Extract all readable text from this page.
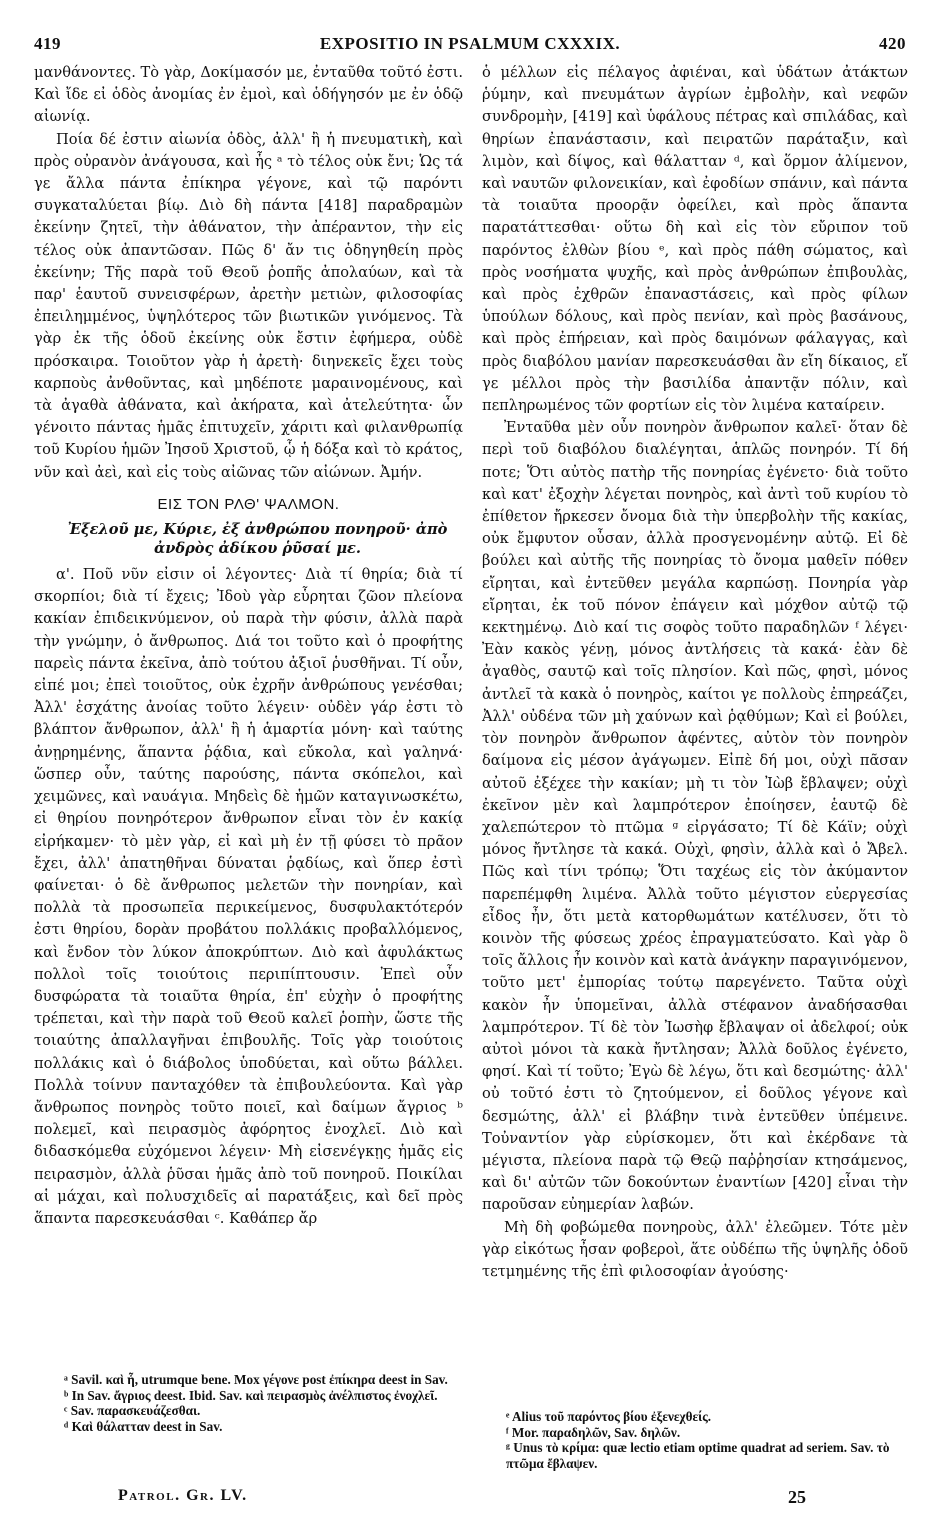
419	EXPOSITIO IN PSALMUM CXXXIX.	420

μανθάνοντες. Τὸ γὰρ, Δοκίμασόν με, ἐνταῦθα τοῦτό ἐστι. Καὶ ἴδε εἰ ὁδὸς ἀνομίας ἐν ἐμοὶ, καὶ ὁδήγησόν με ἐν ὁδῷ αἰωνίᾳ.

Ποία δέ ἐστιν αἰωνία ὁδὸς, ἀλλ' ἢ ἡ πνευματικὴ, καὶ πρὸς οὐρανὸν ἀνάγουσα, καὶ ἧς ᵃ τὸ τέλος οὐκ ἔνι; Ὡς τά γε ἄλλα πάντα ἐπίκηρα γέγονε, καὶ τῷ παρόντι συγκαταλύεται βίῳ. Διὸ δὴ πάντα [418] παραδραμὼν ἐκείνην ζητεῖ, τὴν ἀθάνατον, τὴν ἀπέραντον, τὴν εἰς τέλος οὐκ ἀπαντῶσαν. Πῶς δ' ἄν τις ὁδηγηθείη πρὸς ἐκείνην; Τῆς παρὰ τοῦ Θεοῦ ῥοπῆς ἀπολαύων, καὶ τὰ παρ' ἑαυτοῦ συνεισφέρων, ἀρετὴν μετιὼν, φιλοσοφίας ἐπειλημμένος, ὑψηλότερος τῶν βιωτικῶν γινόμενος. Τὰ γὰρ ἐκ τῆς ὁδοῦ ἐκείνης οὐκ ἔστιν ἐφήμερα, οὐδὲ πρόσκαιρα. Τοιοῦτον γὰρ ἡ ἀρετὴ· διηνεκεῖς ἔχει τοὺς καρποὺς ἀνθοῦντας, καὶ μηδέποτε μαραινομένους, καὶ τὰ ἀγαθὰ ἀθάνατα, καὶ ἀκήρατα, καὶ ἀτελεύτητα· ὧν γένοιτο πάντας ἡμᾶς ἐπιτυχεῖν, χάριτι καὶ φιλανθρωπίᾳ τοῦ Κυρίου ἡμῶν Ἰησοῦ Χριστοῦ, ᾧ ἡ δόξα καὶ τὸ κράτος, νῦν καὶ ἀεὶ, καὶ εἰς τοὺς αἰῶνας τῶν αἰώνων. Ἀμήν.

ΕΙΣ ΤΟΝ ΡΛΘ' ΨΑΛΜΟΝ.
Ἐξελοῦ με, Κύριε, ἐξ ἀνθρώπου πονηροῦ· ἀπὸ ἀνδρὸς ἀδίκου ῥῦσαί με.

α'. Ποῦ νῦν εἰσιν οἱ λέγοντες· Διὰ τί θηρία; διὰ τί σκορπίοι; διὰ τί ἔχεις; Ἰδοὺ γὰρ εὗρηται ζῶον πλείονα κακίαν ἐπιδεικνύμενον, οὐ παρὰ τὴν φύσιν, ἀλλὰ παρὰ τὴν γνώμην, ὁ ἄνθρωπος. Διά τοι τοῦτο καὶ ὁ προφήτης παρεὶς πάντα ἐκεῖνα, ἀπὸ τούτου ἀξιοῖ ῥυσθῆναι. Τί οὖν, εἰπέ μοι; ἐπεὶ τοιοῦτος, οὐκ ἐχρῆν ἀνθρώπους γενέσθαι; Ἀλλ' ἐσχάτης ἀνοίας τοῦτο λέγειν· οὐδὲν γάρ ἐστι τὸ βλάπτον ἄνθρωπον, ἀλλ' ἢ ἡ ἁμαρτία μόνη· καὶ ταύτης ἀνῃρημένης, ἅπαντα ῥᾴδια, καὶ εὔκολα, καὶ γαληνά· ὥσπερ οὖν, ταύτης παρούσης, πάντα σκόπελοι, καὶ χειμῶνες, καὶ ναυάγια. Μηδεὶς δὲ ἡμῶν καταγινωσκέτω, εἰ θηρίου πονηρότερον ἄνθρωπον εἶναι τὸν ἐν κακίᾳ εἰρήκαμεν· τὸ μὲν γὰρ, εἰ καὶ μὴ ἐν τῇ φύσει τὸ πρᾶον ἔχει, ἀλλ' ἀπατηθῆναι δύναται ῥᾳδίως, καὶ ὅπερ ἐστὶ φαίνεται· ὁ δὲ ἄνθρωπος μελετῶν τὴν πονηρίαν, καὶ πολλὰ τὰ προσωπεῖα περικείμενος, δυσφυλακτότερόν ἐστι θηρίου, δορὰν προβάτου πολλάκις προβαλλόμενος, καὶ ἔνδον τὸν λύκον ἀποκρύπτων. Διὸ καὶ ἀφυλάκτως πολλοὶ τοῖς τοιούτοις περιπίπτουσιν. Ἐπεὶ οὖν δυσφώρατα τὰ τοιαῦτα θηρία, ἐπ' εὐχὴν ὁ προφήτης τρέπεται, καὶ τὴν παρὰ τοῦ Θεοῦ καλεῖ ῥοπὴν, ὥστε τῆς τοιαύτης ἀπαλλαγῆναι ἐπιβουλῆς. Τοῖς γὰρ τοιούτοις πολλάκις καὶ ὁ διάβολος ὑποδύεται, καὶ οὕτω βάλλει. Πολλὰ τοίνυν πανταχόθεν τὰ ἐπιβουλεύοντα. Καὶ γὰρ ἄνθρωπος πονηρὸς τοῦτο ποιεῖ, καὶ δαίμων ἄγριος ᵇ πολεμεῖ, καὶ πειρασμὸς ἀφόρητος ἐνοχλεῖ. Διὸ καὶ διδασκόμεθα εὐχόμενοι λέγειν· Μὴ εἰσενέγκῃς ἡμᾶς εἰς πειρασμὸν, ἀλλὰ ῥῦσαι ἡμᾶς ἀπὸ τοῦ πονηροῦ. Ποικίλαι αἱ μάχαι, καὶ πολυσχιδεῖς αἱ παρατάξεις, καὶ δεῖ πρὸς ἅπαντα παρεσκευάσθαι ᶜ. Καθάπερ ἄρ

ὁ μέλλων εἰς πέλαγος ἀφιέναι, καὶ ὑδάτων ἀτάκτων ῥύμην, καὶ πνευμάτων ἀγρίων ἐμβολὴν, καὶ νεφῶν συνδρομὴν, [419] καὶ ὑφάλους πέτρας καὶ σπιλάδας, καὶ θηρίων ἐπανάστασιν, καὶ πειρατῶν παράταξιν, καὶ λιμὸν, καὶ δίψος, καὶ θάλατταν ᵈ, καὶ ὅρμον ἀλίμενον, καὶ ναυτῶν φιλονεικίαν, καὶ ἐφοδίων σπάνιν, καὶ πάντα τὰ τοιαῦτα προορᾷν ὀφείλει, καὶ πρὸς ἅπαντα παρατάττεσθαι· οὕτω δὴ καὶ εἰς τὸν εὔριπον τοῦ παρόντος ἐλθὼν βίου ᵉ, καὶ πρὸς πάθη σώματος, καὶ πρὸς νοσήματα ψυχῆς, καὶ πρὸς ἀνθρώπων ἐπιβουλὰς, καὶ πρὸς ἐχθρῶν ἐπαναστάσεις, καὶ πρὸς φίλων ὑπούλων δόλους, καὶ πρὸς πενίαν, καὶ πρὸς βασάνους, καὶ πρὸς ἐπήρειαν, καὶ πρὸς δαιμόνων φάλαγγας, καὶ πρὸς διαβόλου μανίαν παρεσκευάσθαι ἂν εἴη δίκαιος, εἴ γε μέλλοι πρὸς τὴν βασιλίδα ἀπαντᾷν πόλιν, καὶ πεπληρωμένος τῶν φορτίων εἰς τὸν λιμένα καταίρειν.

Ἐνταῦθα μὲν οὖν πονηρὸν ἄνθρωπον καλεῖ· ὅταν δὲ περὶ τοῦ διαβόλου διαλέγηται, ἁπλῶς πονηρόν. Τί δή ποτε; Ὅτι αὐτὸς πατὴρ τῆς πονηρίας ἐγένετο· διὰ τοῦτο καὶ κατ' ἐξοχὴν λέγεται πονηρὸς, καὶ ἀντὶ τοῦ κυρίου τὸ ἐπίθετον ἤρκεσεν ὄνομα διὰ τὴν ὑπερβολὴν τῆς κακίας, οὐκ ἔμφυτον οὖσαν, ἀλλὰ προσγενομένην αὐτῷ. Εἰ δὲ βούλει καὶ αὐτῆς τῆς πονηρίας τὸ ὄνομα μαθεῖν πόθεν εἴρηται, καὶ ἐντεῦθεν μεγάλα καρπώσῃ. Πονηρία γὰρ εἴρηται, ἐκ τοῦ πόνον ἐπάγειν καὶ μόχθον αὐτῷ τῷ κεκτημένῳ. Διὸ καί τις σοφὸς τοῦτο παραδηλῶν ᶠ λέγει· Ἐὰν κακὸς γένῃ, μόνος ἀντλήσεις τὰ κακά· ἐὰν δὲ ἀγαθὸς, σαυτῷ καὶ τοῖς πλησίον. Καὶ πῶς, φησὶ, μόνος ἀντλεῖ τὰ κακὰ ὁ πονηρὸς, καίτοι γε πολλοὺς ἐπηρεάζει, Ἀλλ' οὐδένα τῶν μὴ χαύνων καὶ ῥᾳθύμων; Καὶ εἰ βούλει, τὸν πονηρὸν ἄνθρωπον ἀφέντες, αὐτὸν τὸν πονηρὸν δαίμονα εἰς μέσον ἀγάγωμεν. Εἰπὲ δή μοι, οὐχὶ πᾶσαν αὐτοῦ ἐξέχεε τὴν κακίαν; μὴ τι τὸν Ἰὼβ ἔβλαψεν; οὐχὶ ἐκεῖνον μὲν καὶ λαμπρότερον ἐποίησεν, ἑαυτῷ δὲ χαλεπώτερον τὸ πτῶμα ᵍ εἰργάσατο; Τί δὲ Κάϊν; οὐχὶ μόνος ἤντλησε τὰ κακά. Οὐχὶ, φησὶν, ἀλλὰ καὶ ὁ Ἄβελ. Πῶς καὶ τίνι τρόπῳ; Ὅτι ταχέως εἰς τὸν ἀκύμαντον παρεπέμφθη λιμένα. Ἀλλὰ τοῦτο μέγιστον εὐεργεσίας εἶδος ἦν, ὅτι μετὰ κατορθωμάτων κατέλυσεν, ὅτι τὸ κοινὸν τῆς φύσεως χρέος ἐπραγματεύσατο. Καὶ γὰρ ὃ τοῖς ἄλλοις ἦν κοινὸν καὶ κατὰ ἀνάγκην παραγινόμενον, τοῦτο μετ' ἐμπορίας τούτῳ παρεγένετο. Ταῦτα οὐχὶ κακὸν ἦν ὑπομεῖναι, ἀλλὰ στέφανον ἀναδήσασθαι λαμπρότερον. Τί δὲ τὸν Ἰωσὴφ ἔβλαψαν οἱ ἀδελφοί; οὐκ αὐτοὶ μόνοι τὰ κακὰ ἤντλησαν; Ἀλλὰ δοῦλος ἐγένετο, φησί. Καὶ τί τοῦτο; Ἐγὼ δὲ λέγω, ὅτι καὶ δεσμώτης· ἀλλ' οὐ τοῦτό ἐστι τὸ ζητούμενον, εἰ δοῦλος γέγονε καὶ δεσμώτης, ἀλλ' εἰ βλάβην τινὰ ἐντεῦθεν ὑπέμεινε. Τοὐναντίον γὰρ εὑρίσκομεν, ὅτι καὶ ἐκέρδανε τὰ μέγιστα, πλείονα παρὰ τῷ Θεῷ παῤῥησίαν κτησάμενος, καὶ δι' αὐτῶν τῶν δοκούντων ἐναντίων [420] εἶναι τὴν παροῦσαν εὐημερίαν λαβών.

Μὴ δὴ φοβώμεθα πονηροὺς, ἀλλ' ἐλεῶμεν. Τότε μὲν γὰρ εἰκότως ἦσαν φοβεροὶ, ἅτε οὐδέπω τῆς ὑψηλῆς ὁδοῦ τετμημένης τῆς ἐπὶ φιλοσοφίαν ἀγούσης·

ᵃ Savil. καὶ ἧ, utrumque bene. Mox γέγονε post ἐπίκηρα deest in Sav.

ᵇ In Sav. ἄγριος deest. Ibid. Sav. καὶ πειρασμὸς ἀνέλπιστος ἐνοχλεῖ.

ᶜ Sav. παρασκευάζεσθαι.

ᵈ Καὶ θάλατταν deest in Sav.

ᵉ Alius τοῦ παρόντος βίου ἐξενεχθείς.

ᶠ Mor. παραδηλῶν, Sav. δηλῶν.

ᵍ Unus τὸ κρίμα: quæ lectio etiam optime quadrat ad seriem. Sav. τὸ πτῶμα ἔβλαψεν.

Patrol. Gr. LV.	25
